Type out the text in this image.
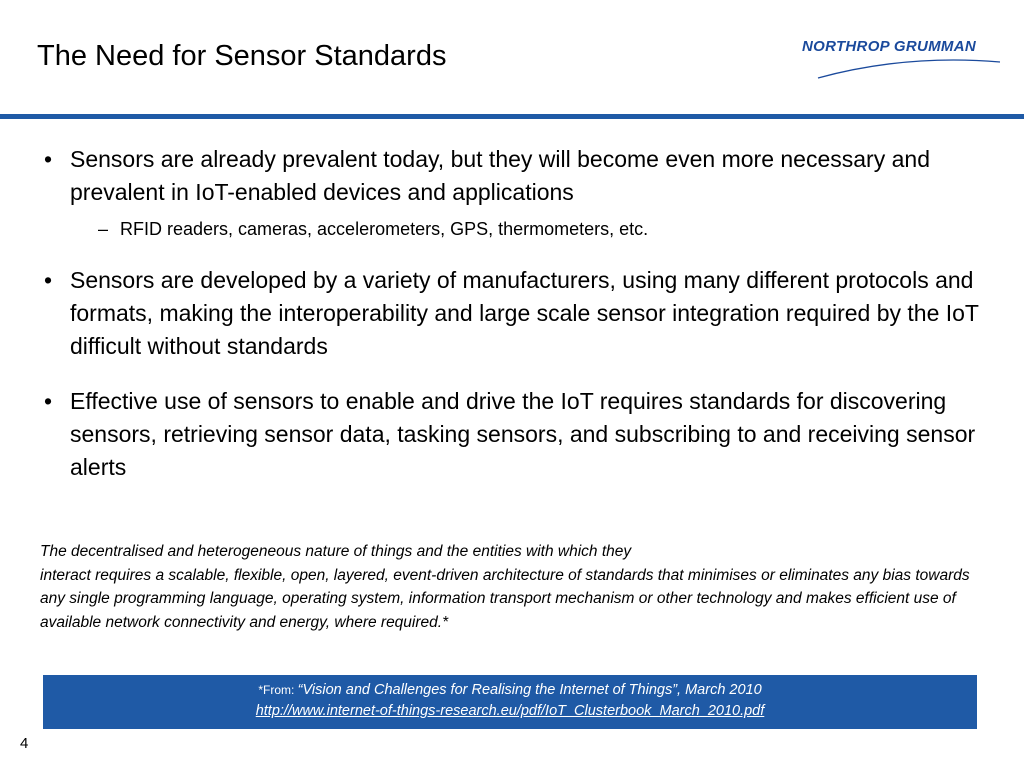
The Need for Sensor Standards	NORTHROP GRUMMAN
• Sensors are already prevalent today, but they will become even more necessary and prevalent in IoT-enabled devices and applications
– RFID readers, cameras, accelerometers, GPS, thermometers, etc.
• Sensors are developed by a variety of manufacturers, using many different protocols and formats, making the interoperability and large scale sensor integration required by the IoT difficult without standards
• Effective use of sensors to enable and drive the IoT requires standards for discovering sensors, retrieving sensor data, tasking sensors, and subscribing to and receiving sensor alerts

The decentralised and heterogeneous nature of things and the entities with which they
interact requires a scalable, flexible, open, layered, event-driven architecture of standards that minimises or eliminates any bias towards any single programming language, operating system, information transport mechanism or other technology and makes efficient use of available network connectivity and energy, where required.*

*From: “Vision and Challenges for Realising the Internet of Things”, March 2010
http://www.internet-of-things-research.eu/pdf/IoT_Clusterbook_March_2010.pdf
4
